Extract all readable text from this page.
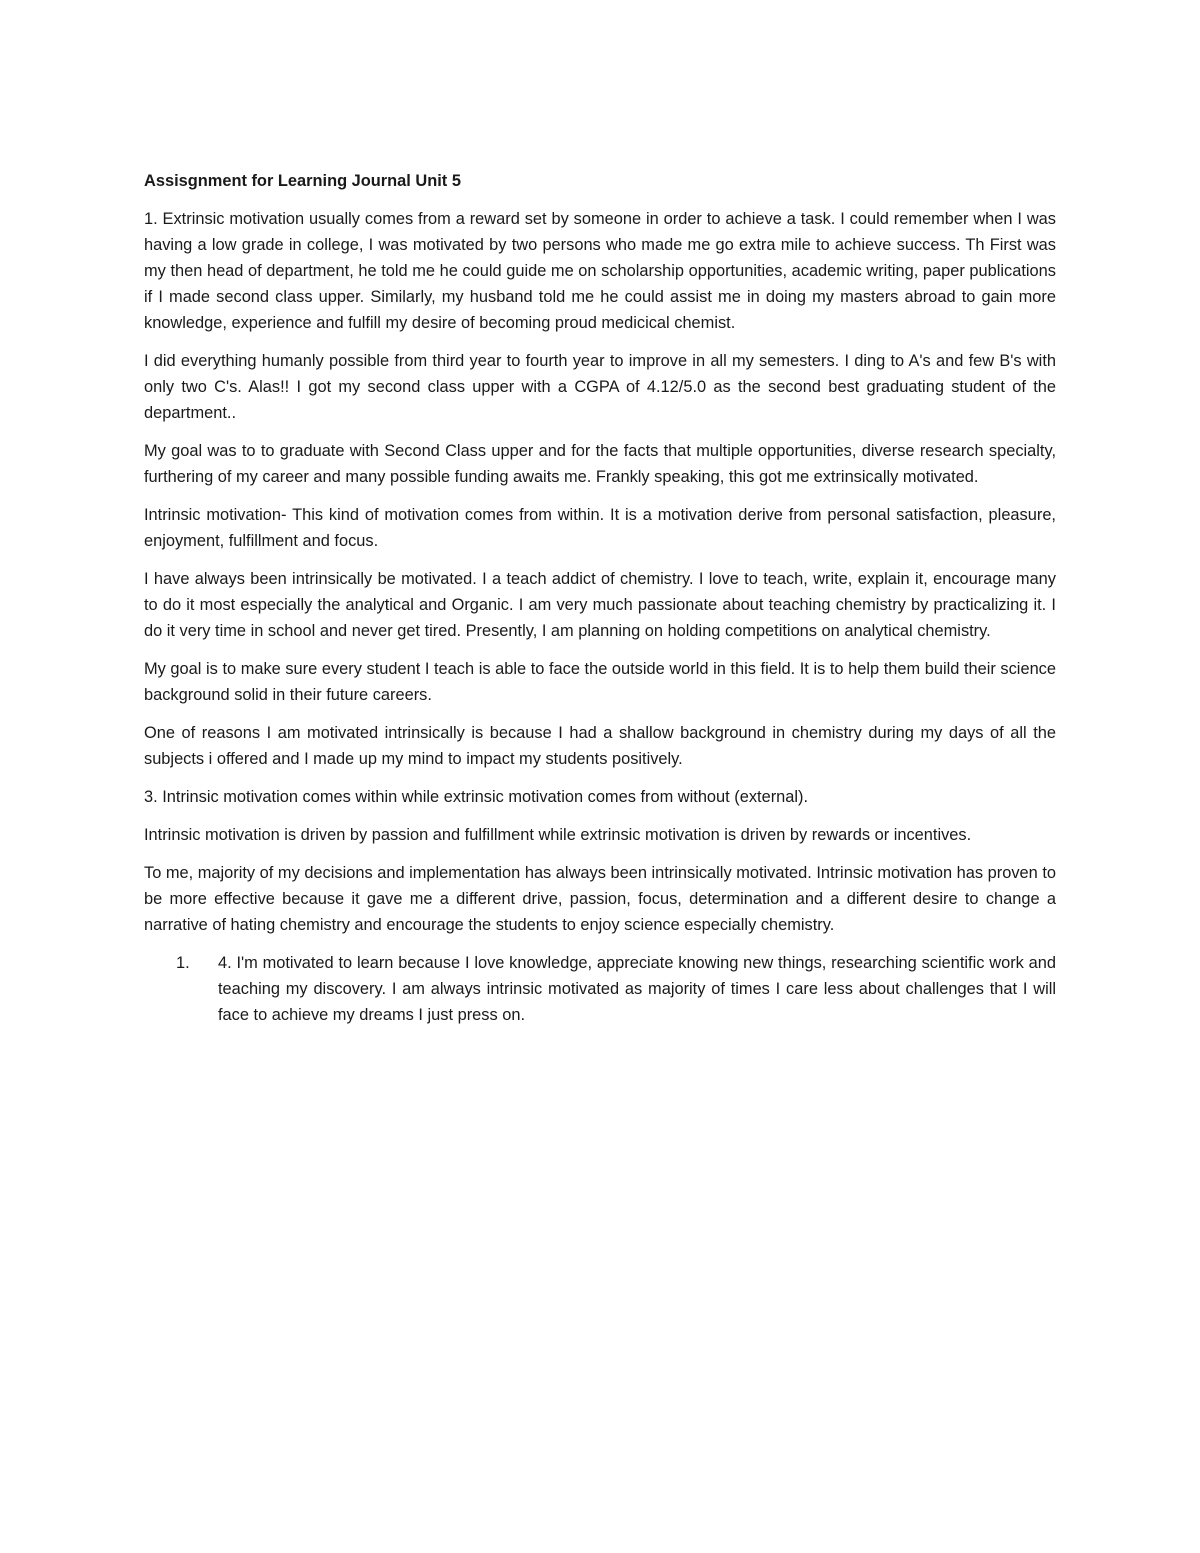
Assisgnment for Learning Journal Unit 5

1. Extrinsic motivation usually comes from a reward set by someone in order to achieve a task. I could remember when I was having a low grade in college, I was motivated by two persons who made me go extra mile to achieve success. Th First was my then head of department, he told me he could guide me on scholarship opportunities, academic writing, paper publications if I made second class upper. Similarly, my husband told me he could assist me in doing my masters abroad to gain more knowledge, experience and fulfill my desire of becoming proud medicical chemist.

I did everything humanly possible from third year to fourth year to improve in all my semesters. I ding to A's and few B's with only two C's. Alas!! I got my second class upper with a CGPA of 4.12/5.0 as the second best graduating student of the department..

My goal was to to graduate with Second Class upper and for the facts that multiple opportunities, diverse research specialty, furthering of my career and many possible funding awaits me. Frankly speaking, this got me extrinsically motivated.

Intrinsic motivation- This kind of motivation comes from within. It is a motivation derive from personal satisfaction, pleasure, enjoyment, fulfillment and focus.

I have always been intrinsically be motivated. I a teach addict of chemistry. I love to teach, write, explain it, encourage many to do it most especially the analytical and Organic. I am very much passionate about teaching chemistry by practicalizing it. I do it very time in school and never get tired. Presently, I am planning on holding competitions on analytical chemistry.

My goal is to make sure every student I teach is able to face the outside world in this field. It is to help them build their science background solid in their future careers.

One of reasons I am motivated intrinsically is because I had a shallow background in chemistry during my days of all the subjects i offered and I made up my mind to impact my students positively.

3. Intrinsic motivation comes within while extrinsic motivation comes from without (external).

Intrinsic motivation is driven by passion and fulfillment while extrinsic motivation is driven by rewards or incentives.

To me, majority of my decisions and implementation has always been intrinsically motivated. Intrinsic motivation has proven to be more effective because it gave me a different drive, passion, focus, determination and a different desire to change a narrative of hating chemistry and encourage the students to enjoy science especially chemistry.

1.	4. I'm motivated to learn because I love knowledge, appreciate knowing new things, researching scientific work and teaching my discovery. I am always intrinsic motivated as majority of times I care less about challenges that I will face to achieve my dreams I just press on.
